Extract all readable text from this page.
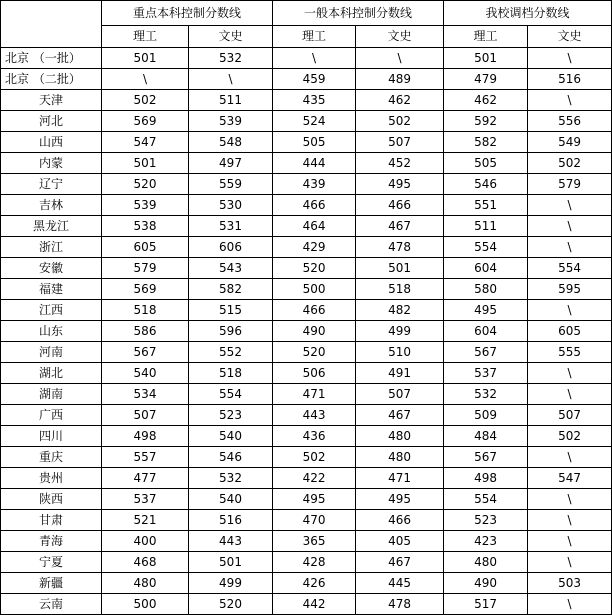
	重点本科控制分数线		一般本科控制分数线		我校调档分数线	
	理工	文史	理工	文史	理工	文史
北京 （一批）	501	532	\	\	501	\
北京 （二批）	\	\	459	489	479	516
天津	502	511	435	462	462	\
河北	569	539	524	502	592	556
山西	547	548	505	507	582	549
内蒙	501	497	444	452	505	502
辽宁	520	559	439	495	546	579
吉林	539	530	466	466	551	\
黑龙江	538	531	464	467	511	\
浙江	605	606	429	478	554	\
安徽	579	543	520	501	604	554
福建	569	582	500	518	580	595
江西	518	515	466	482	495	\
山东	586	596	490	499	604	605
河南	567	552	520	510	567	555
湖北	540	518	506	491	537	\
湖南	534	554	471	507	532	\
广西	507	523	443	467	509	507
四川	498	540	436	480	484	502
重庆	557	546	502	480	567	\
贵州	477	532	422	471	498	547
陕西	537	540	495	495	554	\
甘肃	521	516	470	466	523	\
青海	400	443	365	405	423	\
宁夏	468	501	428	467	480	\
新疆	480	499	426	445	490	503
云南	500	520	442	478	517	\
